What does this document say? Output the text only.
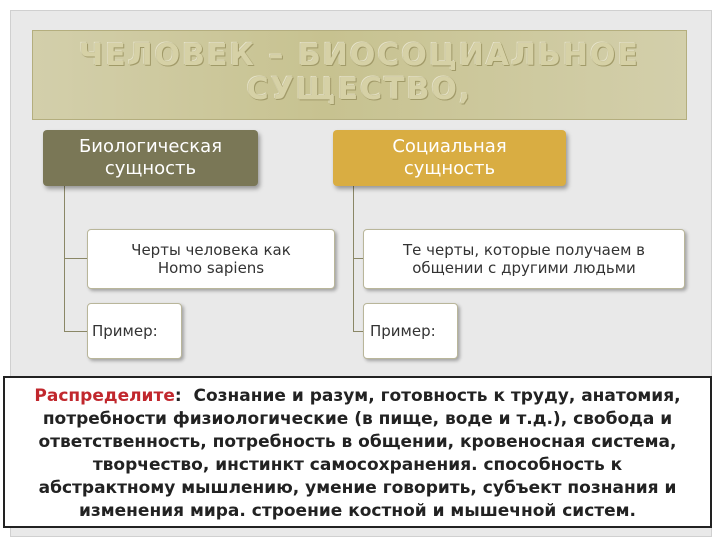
ЧЕЛОВЕК – БИОСОЦИАЛЬНОЕ
СУЩЕСТВО,
Биологическая
сущность
Социальная
сущность
Черты человека как
Homo sapiens
Пример:
Те черты, которые получаем в
общении с другими людьми
Пример:
Распределите: Сознание и разум, готовность к труду, анатомия,
потребности физиологические (в пище, воде и т.д.), свобода и
ответственность, потребность в общении, кровеносная система,
творчество, инстинкт самосохранения. способность к
абстрактному мышлению, умение говорить, субъект познания и
изменения мира. строение костной и мышечной систем.
